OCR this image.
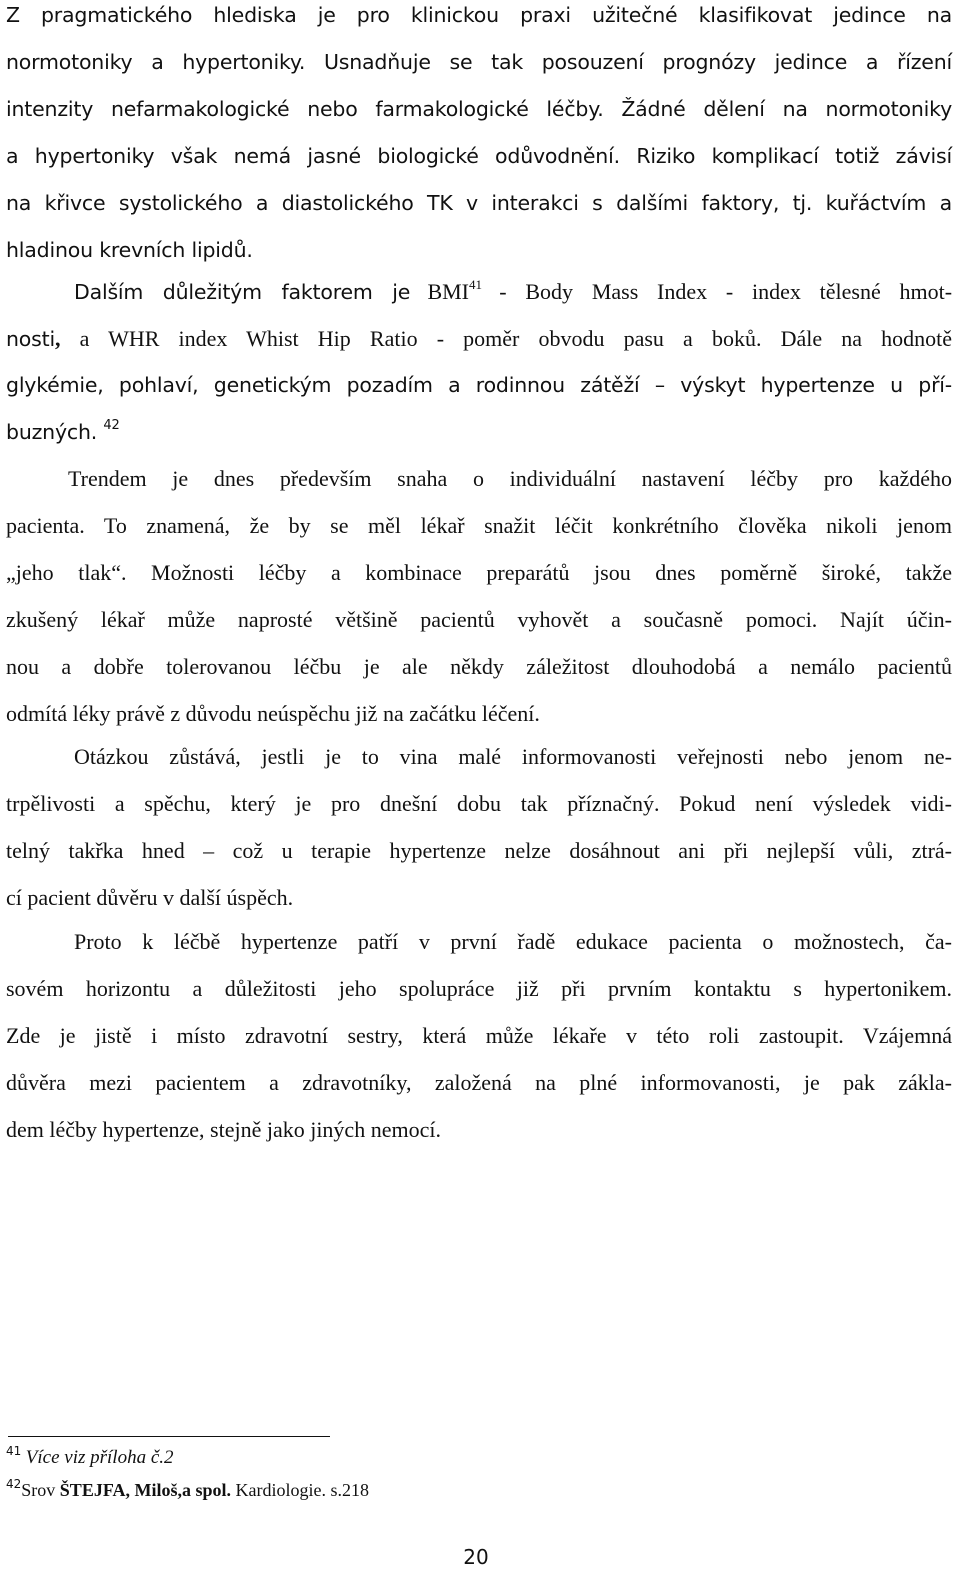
Z pragmatického hlediska je pro klinickou praxi užitečné klasifikovat jedince na
normotoniky a hypertoniky. Usnadňuje se tak posouzení prognózy jedince a řízení
intenzity nefarmakologické nebo farmakologické léčby. Žádné dělení na normotoniky
a hypertoniky však nemá jasné biologické odůvodnění. Riziko komplikací totiž závisí
na křivce systolického a diastolického TK v interakci s dalšími faktory, tj. kuřáctvím a
hladinou krevních lipidů.
Dalším důležitým faktorem je BMI$^{41}$ - Body Mass Index - index tělesné hmot-
nosti, a WHR index Whist Hip Ratio - poměr obvodu pasu a boků. Dále na hodnotě
glykémie, pohlaví, genetickým pozadím a rodinnou zátěží – výskyt hypertenze u pří-
buzných. $^{42}$
Trendem je dnes především snaha o individuální nastavení léčby pro každého
pacienta. To znamená, že by se měl lékař snažit léčit konkrétního člověka nikoli jenom
„jeho tlak“. Možnosti léčby a kombinace preparátů jsou dnes poměrně široké, takže
zkušený lékař může naprosté většině pacientů vyhovět a současně pomoci. Najít účin-
nou a dobře tolerovanou léčbu je ale někdy záležitost dlouhodobá a nemálo pacientů
odmítá léky právě z důvodu neúspěchu již na začátku léčení.
Otázkou zůstává, jestli je to vina malé informovanosti veřejnosti nebo jenom ne-
trpělivosti a spěchu, který je pro dnešní dobu tak příznačný. Pokud není výsledek vidi-
telný takřka hned – což u terapie hypertenze nelze dosáhnout ani při nejlepší vůli, ztrá-
cí pacient důvěru v další úspěch.
Proto k léčbě hypertenze patří v první řadě edukace pacienta o možnostech, ča-
sovém horizontu a důležitosti jeho spolupráce již při prvním kontaktu s hypertonikem.
Zde je jistě i místo zdravotní sestry, která může lékaře v této roli zastoupit. Vzájemná
důvěra mezi pacientem a zdravotníky, založená na plné informovanosti, je pak zákla-
dem léčby hypertenze, stejně jako jiných nemocí.
$^{41}$ Více viz příloha č.2
$^{42}$Srov ŠTEJFA, Miloš,a spol. Kardiologie. s.218
20
